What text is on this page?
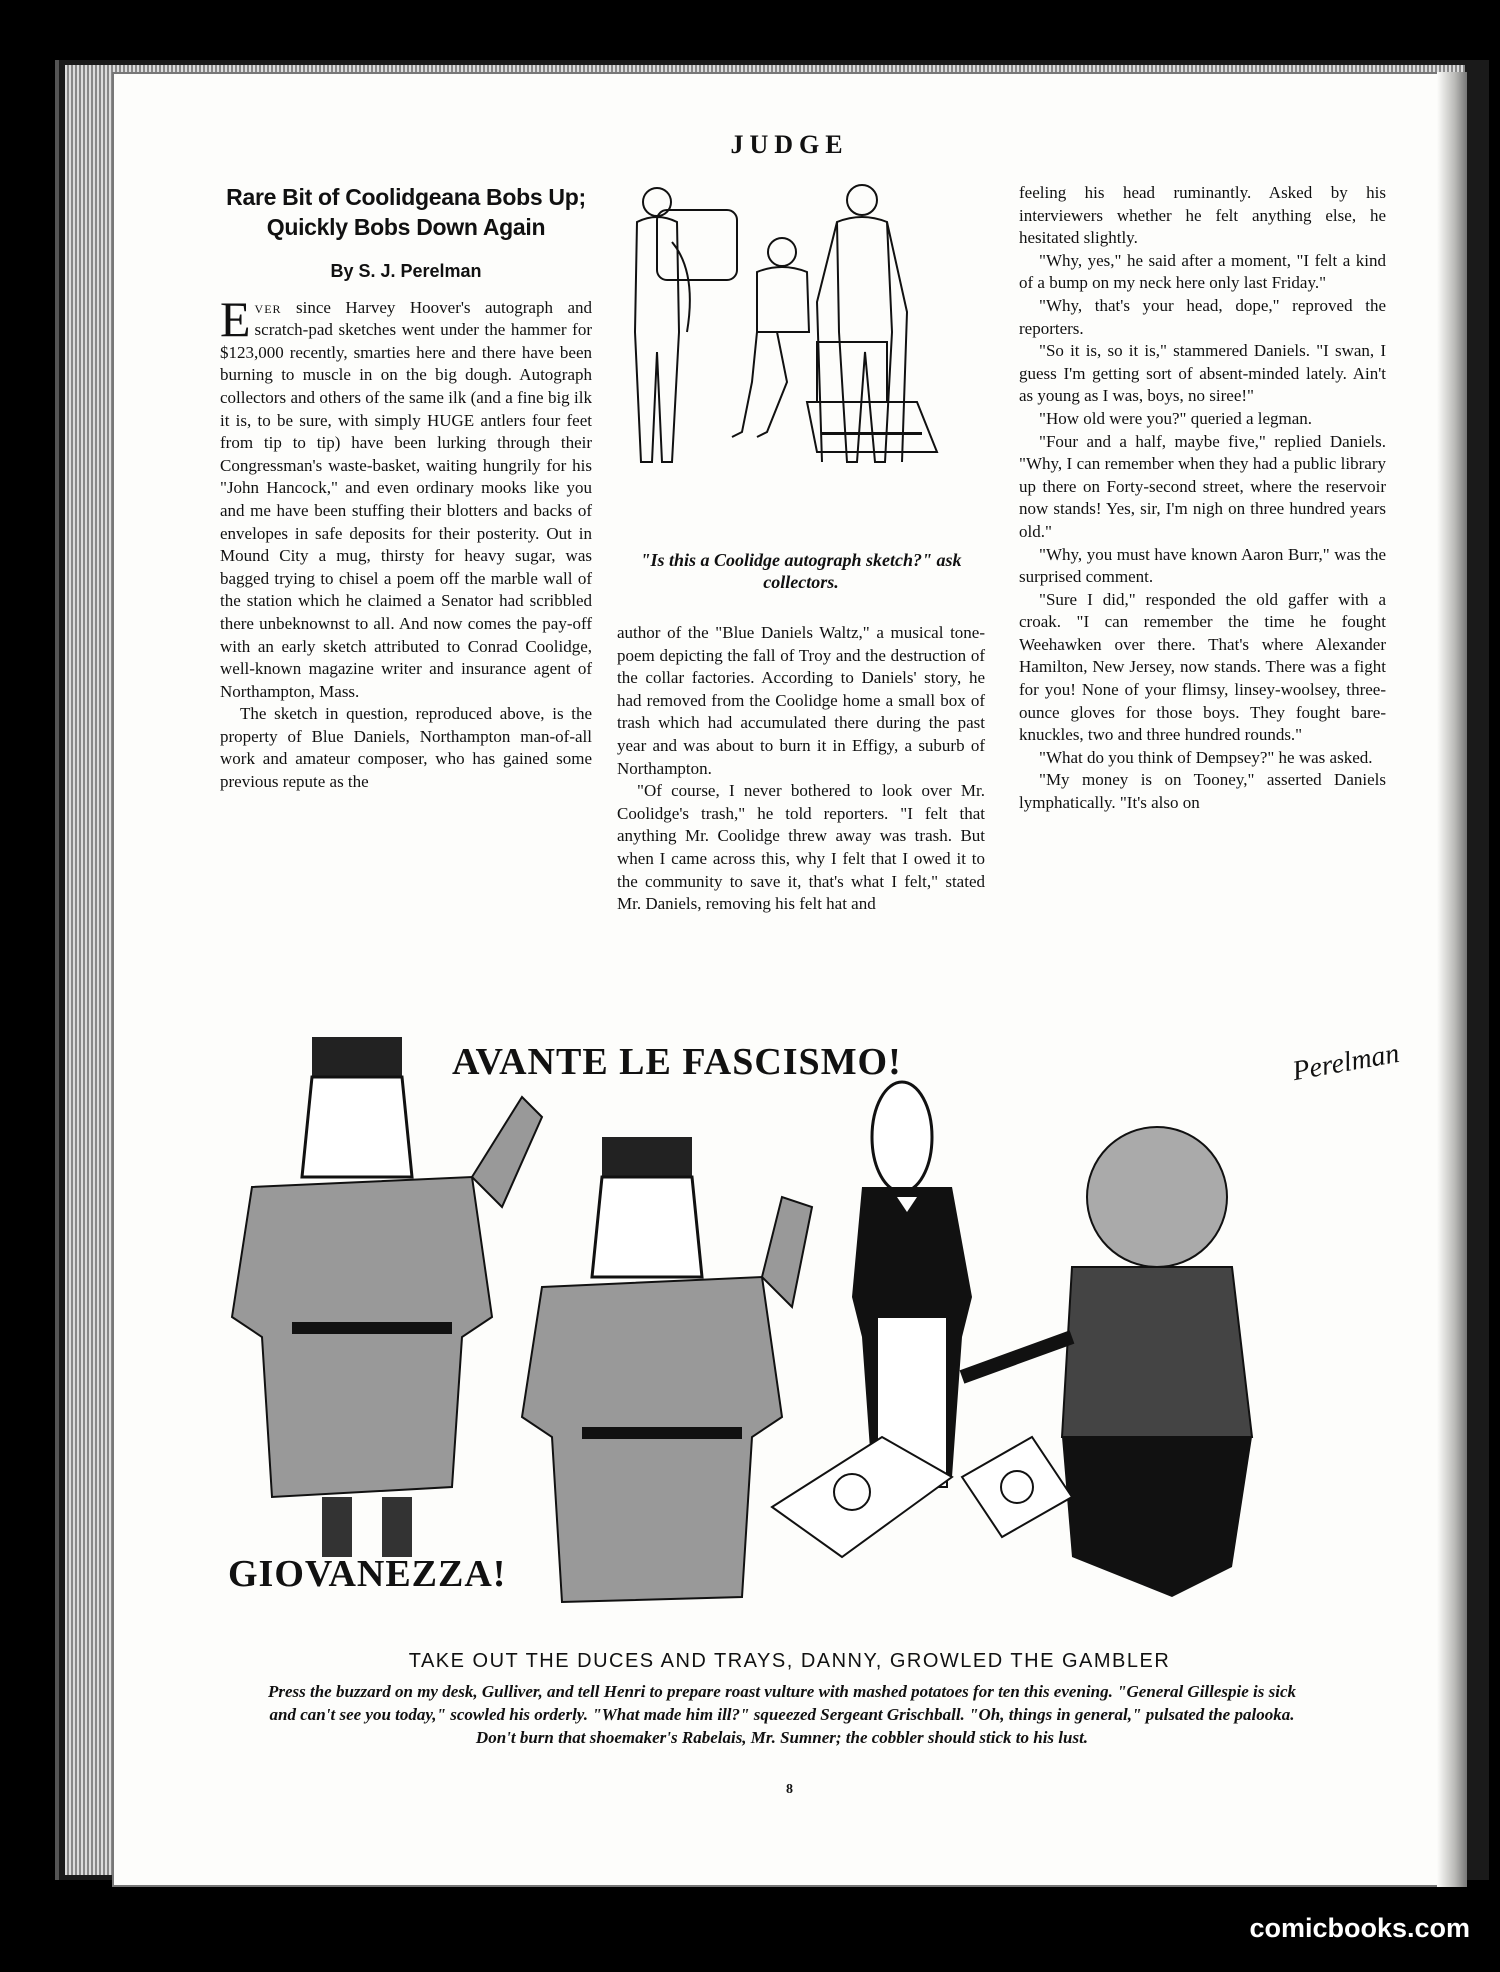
JUDGE
Rare Bit of Coolidgeana Bobs Up;
Quickly Bobs Down Again
By S. J. Perelman

Ever since Harvey Hoover's autograph and scratch-pad sketches went under the hammer for $123,000 recently, smarties here and there have been burning to muscle in on the big dough. Autograph collectors and others of the same ilk (and a fine big ilk it is, to be sure, with simply HUGE antlers four feet from tip to tip) have been lurking through their Congressman's waste-basket, waiting hungrily for his "John Hancock," and even ordinary mooks like you and me have been stuffing their blotters and backs of envelopes in safe deposits for their posterity. Out in Mound City a mug, thirsty for heavy sugar, was bagged trying to chisel a poem off the marble wall of the station which he claimed a Senator had scribbled there unbeknownst to all. And now comes the pay-off with an early sketch attributed to Conrad Coolidge, well-known magazine writer and insurance agent of Northampton, Mass.

The sketch in question, reproduced above, is the property of Blue Daniels, Northampton man-of-all work and amateur composer, who has gained some previous repute as the

"Is this a Coolidge autograph sketch?" ask collectors.

author of the "Blue Daniels Waltz," a musical tone-poem depicting the fall of Troy and the destruction of the collar factories. According to Daniels' story, he had removed from the Coolidge home a small box of trash which had accumulated there during the past year and was about to burn it in Effigy, a suburb of Northampton.

"Of course, I never bothered to look over Mr. Coolidge's trash," he told reporters. "I felt that anything Mr. Coolidge threw away was trash. But when I came across this, why I felt that I owed it to the community to save it, that's what I felt," stated Mr. Daniels, removing his felt hat and

feeling his head ruminantly. Asked by his interviewers whether he felt anything else, he hesitated slightly.

"Why, yes," he said after a moment, "I felt a kind of a bump on my neck here only last Friday."

"Why, that's your head, dope," reproved the reporters.

"So it is, so it is," stammered Daniels. "I swan, I guess I'm getting sort of absent-minded lately. Ain't as young as I was, boys, no siree!"

"How old were you?" queried a legman.

"Four and a half, maybe five," replied Daniels. "Why, I can remember when they had a public library up there on Forty-second street, where the reservoir now stands! Yes, sir, I'm nigh on three hundred years old."

"Why, you must have known Aaron Burr," was the surprised comment.

"Sure I did," responded the old gaffer with a croak. "I can remember the time he fought Weehawken over there. That's where Alexander Hamilton, New Jersey, now stands. There was a fight for you! None of your flimsy, linsey-woolsey, three-ounce gloves for those boys. They fought bare-knuckles, two and three hundred rounds."

"What do you think of Dempsey?" he was asked.

"My money is on Tooney," asserted Daniels lymphatically. "It's also on

AVANTE LE FASCISMO!	Perelman
GIOVANEZZA!
TAKE OUT THE DUCES AND TRAYS, DANNY, GROWLED THE GAMBLER
Press the buzzard on my desk, Gulliver, and tell Henri to prepare roast vulture with mashed potatoes for ten this evening. "General Gillespie is sick and can't see you today," scowled his orderly. "What made him ill?" squeezed Sergeant Grischball. "Oh, things in general," pulsated the palooka. Don't burn that shoemaker's Rabelais, Mr. Sumner; the cobbler should stick to his lust.
8
comicbooks.com
